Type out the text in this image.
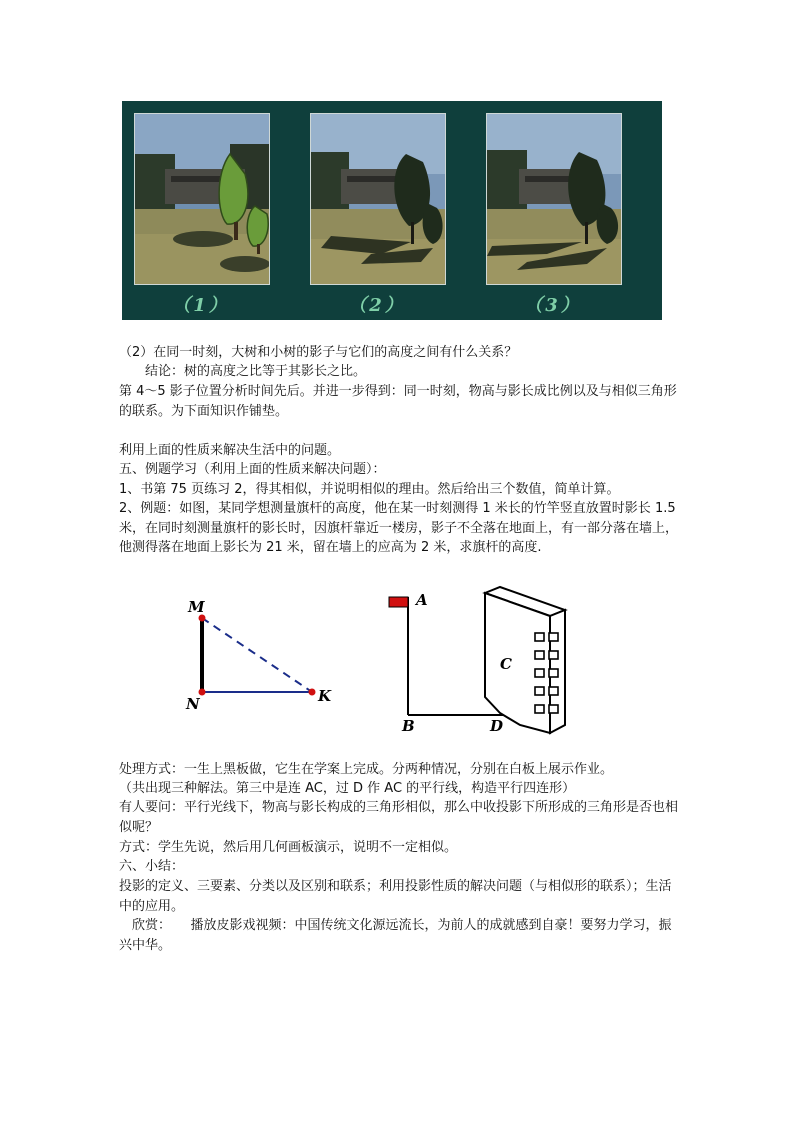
（1）	（2）	（3）
（2）在同一时刻，大树和小树的影子与它们的高度之间有什么关系？
　　结论：树的高度之比等于其影长之比。
第 4～5 影子位置分析时间先后。并进一步得到：同一时刻，物高与影长成比例以及与相似三角形的联系。为下面知识作铺垫。
利用上面的性质来解决生活中的问题。
五、例题学习（利用上面的性质来解决问题）：
1、书第 75 页练习 2，得其相似，并说明相似的理由。然后给出三个数值，简单计算。
2、例题：如图，某同学想测量旗杆的高度，他在某一时刻测得 1 米长的竹竿竖直放置时影长 1.5 米，在同时刻测量旗杆的影长时，因旗杆靠近一楼房，影子不全落在地面上，有一部分落在墙上，他测得落在地面上影长为 21 米，留在墙上的应高为 2 米，求旗杆的高度.
M
N	K
A
B
C
D
处理方式：一生上黑板做，它生在学案上完成。分两种情况，分别在白板上展示作业。
（共出现三种解法。第三中是连 AC，过 D 作 AC 的平行线，构造平行四连形）
有人要问：平行光线下，物高与影长构成的三角形相似，那么中收投影下所形成的三角形是否也相似呢？
方式：学生先说，然后用几何画板演示，说明不一定相似。
六、小结：
投影的定义、三要素、分类以及区别和联系；利用投影性质的解决问题（与相似形的联系）；生活中的应用。
　欣赏：　　播放皮影戏视频：中国传统文化源远流长，为前人的成就感到自豪！要努力学习，振兴中华。
